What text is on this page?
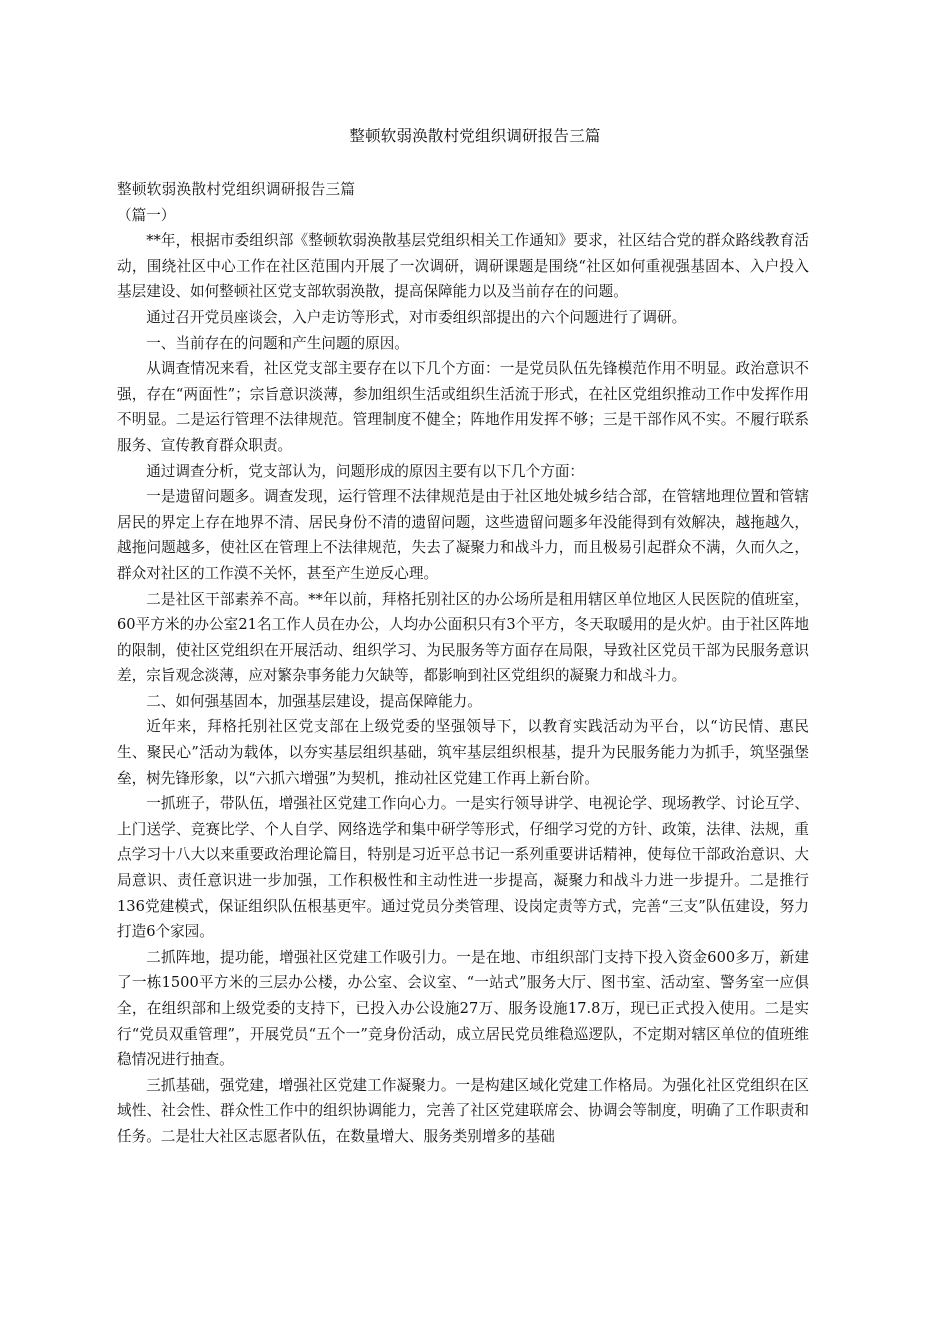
整顿软弱涣散村党组织调研报告三篇

整顿软弱涣散村党组织调研报告三篇

（篇一）

**年，根据市委组织部《整顿软弱涣散基层党组织相关工作通知》要求，社区结合党的群众路线教育活动，围绕社区中心工作在社区范围内开展了一次调研，调研课题是围绕“社区如何重视强基固本、入户投入基层建设、如何整顿社区党支部软弱涣散，提高保障能力以及当前存在的问题。

通过召开党员座谈会，入户走访等形式，对市委组织部提出的六个问题进行了调研。

一、当前存在的问题和产生问题的原因。

从调查情况来看，社区党支部主要存在以下几个方面：一是党员队伍先锋模范作用不明显。政治意识不强，存在“两面性”；宗旨意识淡薄，参加组织生活或组织生活流于形式，在社区党组织推动工作中发挥作用不明显。二是运行管理不法律规范。管理制度不健全；阵地作用发挥不够；三是干部作风不实。不履行联系服务、宣传教育群众职责。

通过调查分析，党支部认为，问题形成的原因主要有以下几个方面：

一是遗留问题多。调查发现，运行管理不法律规范是由于社区地处城乡结合部，在管辖地理位置和管辖居民的界定上存在地界不清、居民身份不清的遗留问题，这些遗留问题多年没能得到有效解决，越拖越久，越拖问题越多，使社区在管理上不法律规范，失去了凝聚力和战斗力，而且极易引起群众不满，久而久之，群众对社区的工作漠不关怀，甚至产生逆反心理。

二是社区干部素养不高。**年以前，拜格托别社区的办公场所是租用辖区单位地区人民医院的值班室，60平方米的办公室21名工作人员在办公，人均办公面积只有3个平方，冬天取暖用的是火炉。由于社区阵地的限制，使社区党组织在开展活动、组织学习、为民服务等方面存在局限，导致社区党员干部为民服务意识差，宗旨观念淡薄，应对繁杂事务能力欠缺等，都影响到社区党组织的凝聚力和战斗力。

二、如何强基固本，加强基层建设，提高保障能力。

近年来，拜格托别社区党支部在上级党委的坚强领导下，以教育实践活动为平台，以“访民情、惠民生、聚民心”活动为载体，以夯实基层组织基础，筑牢基层组织根基，提升为民服务能力为抓手，筑坚强堡垒，树先锋形象，以“六抓六增强”为契机，推动社区党建工作再上新台阶。

一抓班子，带队伍，增强社区党建工作向心力。一是实行领导讲学、电视论学、现场教学、讨论互学、上门送学、竞赛比学、个人自学、网络选学和集中研学等形式，仔细学习党的方针、政策，法律、法规，重点学习十八大以来重要政治理论篇目，特别是习近平总书记一系列重要讲话精神，使每位干部政治意识、大局意识、责任意识进一步加强，工作积极性和主动性进一步提高，凝聚力和战斗力进一步提升。二是推行136党建模式，保证组织队伍根基更牢。通过党员分类管理、设岗定责等方式，完善“三支”队伍建设，努力打造6个家园。

二抓阵地，提功能，增强社区党建工作吸引力。一是在地、市组织部门支持下投入资金600多万，新建了一栋1500平方米的三层办公楼，办公室、会议室、“一站式”服务大厅、图书室、活动室、警务室一应俱全，在组织部和上级党委的支持下，已投入办公设施27万、服务设施17.8万，现已正式投入使用。二是实行“党员双重管理”，开展党员“五个一”竞身份活动，成立居民党员维稳巡逻队，不定期对辖区单位的值班维稳情况进行抽查。

三抓基础，强党建，增强社区党建工作凝聚力。一是构建区域化党建工作格局。为强化社区党组织在区域性、社会性、群众性工作中的组织协调能力，完善了社区党建联席会、协调会等制度，明确了工作职责和任务。二是壮大社区志愿者队伍，在数量增大、服务类别增多的基础
